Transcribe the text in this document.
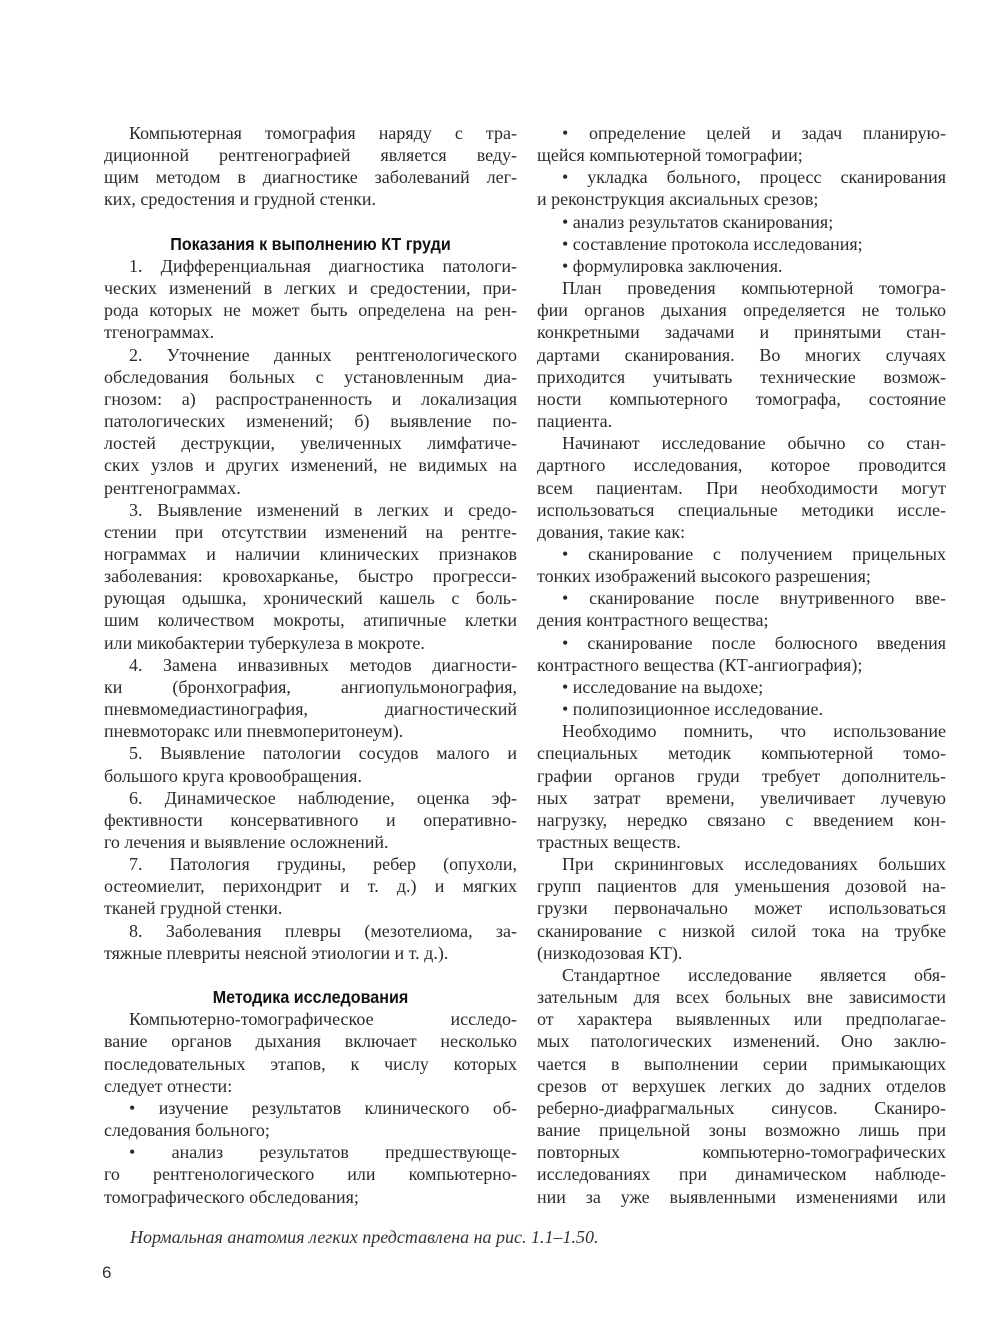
Компьютерная томография наряду с тра-
диционной рентгенографией является веду-
щим методом в диагностике заболеваний лег-
ких, средостения и грудной стенки.
Показания к выполнению КТ груди
1. Дифференциальная диагностика патологи-
ческих изменений в легких и средостении, при-
рода которых не может быть определена на рен-
тгенограммах.
2. Уточнение данных рентгенологического
обследования больных с установленным диа-
гнозом: а) распространенность и локализация
патологических изменений; б) выявление по-
лостей деструкции, увеличенных лимфатиче-
ских узлов и других изменений, не видимых на
рентгенограммах.
3. Выявление изменений в легких и средо-
стении при отсутствии изменений на рентге-
нограммах и наличии клинических признаков
заболевания: кровохарканье, быстро прогресси-
рующая одышка, хронический кашель с боль-
шим количеством мокроты, атипичные клетки
или микобактерии туберкулеза в мокроте.
4. Замена инвазивных методов диагности-
ки (бронхография, ангиопульмонография,
пневмомедиастинография, диагностический
пневмоторакс или пневмоперитонеум).
5. Выявление патологии сосудов малого и
большого круга кровообращения.
6. Динамическое наблюдение, оценка эф-
фективности консервативного и оперативно-
го лечения и выявление осложнений.
7. Патология грудины, ребер (опухоли,
остеомиелит, перихондрит и т. д.) и мягких
тканей грудной стенки.
8. Заболевания плевры (мезотелиома, за-
тяжные плевриты неясной этиологии и т. д.).
Методика исследования
Компьютерно-томографическое исследо-
вание органов дыхания включает несколько
последовательных этапов, к числу которых
следует отнести:
• изучение результатов клинического об-
следования больного;
• анализ результатов предшествующе-
го рентгенологического или компьютерно-
томографического обследования;
• определение целей и задач планирую-
щейся компьютерной томографии;
• укладка больного, процесс сканирования
и реконструкция аксиальных срезов;
• анализ результатов сканирования;
• составление протокола исследования;
• формулировка заключения.
План проведения компьютерной томогра-
фии органов дыхания определяется не только
конкретными задачами и принятыми стан-
дартами сканирования. Во многих случаях
приходится учитывать технические возмож-
ности компьютерного томографа, состояние
пациента.
Начинают исследование обычно со стан-
дартного исследования, которое проводится
всем пациентам. При необходимости могут
использоваться специальные методики иссле-
дования, такие как:
• сканирование с получением прицельных
тонких изображений высокого разрешения;
• сканирование после внутривенного вве-
дения контрастного вещества;
• сканирование после болюсного введения
контрастного вещества (КТ-ангиография);
• исследование на выдохе;
• полипозиционное исследование.
Необходимо помнить, что использование
специальных методик компьютерной томо-
графии органов груди требует дополнитель-
ных затрат времени, увеличивает лучевую
нагрузку, нередко связано с введением кон-
трастных веществ.
При скрининговых исследованиях больших
групп пациентов для уменьшения дозовой на-
грузки первоначально может использоваться
сканирование с низкой силой тока на трубке
(низкодозовая КТ).
Стандартное исследование является обя-
зательным для всех больных вне зависимости
от характера выявленных или предполагае-
мых патологических изменений. Оно заклю-
чается в выполнении серии примыкающих
срезов от верхушек легких до задних отделов
реберно-диафрагмальных синусов. Сканиро-
вание прицельной зоны возможно лишь при
повторных компьютерно-томографических
исследованиях при динамическом наблюде-
нии за уже выявленными изменениями или
Нормальная анатомия легких представлена на рис. 1.1–1.50.
6
